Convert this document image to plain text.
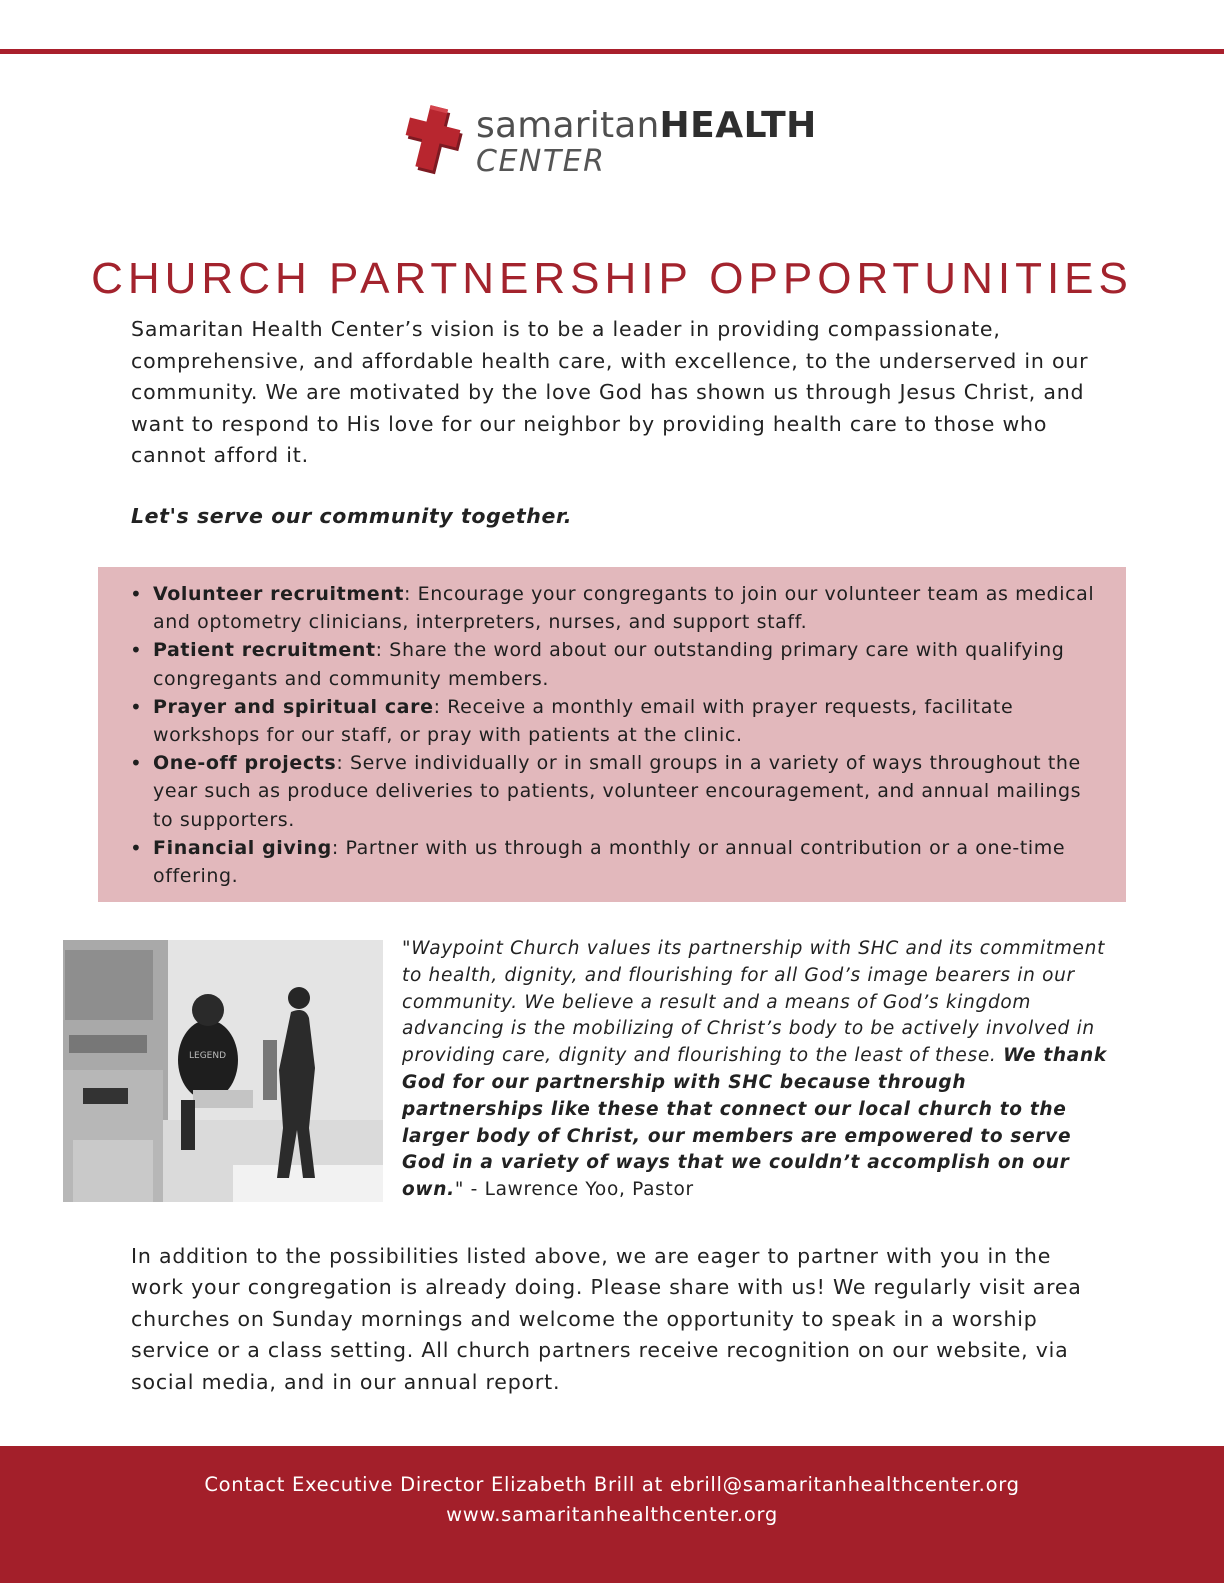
samaritanHEALTH
CENTER
CHURCH PARTNERSHIP OPPORTUNITIES

Samaritan Health Center’s vision is to be a leader in providing compassionate, comprehensive, and affordable health care, with excellence, to the underserved in our community. We are motivated by the love God has shown us through Jesus Christ, and want to respond to His love for our neighbor by providing health care to those who cannot afford it.

Let's serve our community together.
• Volunteer recruitment: Encourage your congregants to join our volunteer team as medical and optometry clinicians, interpreters, nurses, and support staff.
• Patient recruitment: Share the word about our outstanding primary care with qualifying congregants and community members.
• Prayer and spiritual care: Receive a monthly email with prayer requests, facilitate workshops for our staff, or pray with patients at the clinic.
• One-off projects: Serve individually or in small groups in a variety of ways throughout the year such as produce deliveries to patients, volunteer encouragement, and annual mailings to supporters.
• Financial giving: Partner with us through a monthly or annual contribution or a one-time offering.
LEGEND

"Waypoint Church values its partnership with SHC and its commitment to health, dignity, and flourishing for all God’s image bearers in our community. We believe a result and a means of God’s kingdom advancing is the mobilizing of Christ’s body to be actively involved in providing care, dignity and flourishing to the least of these. We thank God for our partnership with SHC because through partnerships like these that connect our local church to the larger body of Christ, our members are empowered to serve God in a variety of ways that we couldn’t accomplish on our own." - Lawrence Yoo, Pastor

In addition to the possibilities listed above, we are eager to partner with you in the work your congregation is already doing. Please share with us! We regularly visit area churches on Sunday mornings and welcome the opportunity to speak in a worship service or a class setting. All church partners receive recognition on our website, via social media, and in our annual report.

Contact Executive Director Elizabeth Brill at ebrill@samaritanhealthcenter.org
www.samaritanhealthcenter.org
